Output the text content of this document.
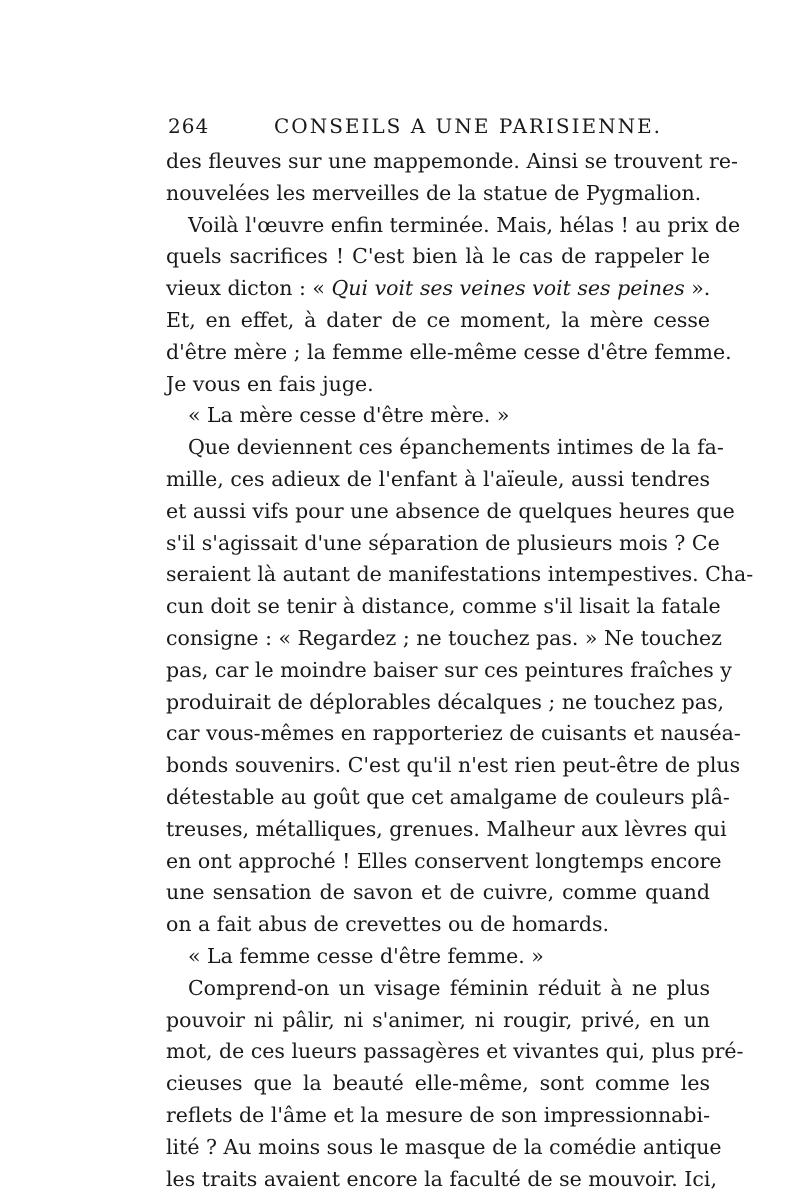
264	CONSEILS A UNE PARISIENNE.
des fleuves sur une mappemonde. Ainsi se trouvent re-
nouvelées les merveilles de la statue de Pygmalion.
Voilà l'œuvre enfin terminée. Mais, hélas ! au prix de
quels sacrifices ! C'est bien là le cas de rappeler le
vieux dicton : « Qui voit ses veines voit ses peines ».
Et, en effet, à dater de ce moment, la mère cesse
d'être mère ; la femme elle-même cesse d'être femme.
Je vous en fais juge.
« La mère cesse d'être mère. »
Que deviennent ces épanchements intimes de la fa-
mille, ces adieux de l'enfant à l'aïeule, aussi tendres
et aussi vifs pour une absence de quelques heures que
s'il s'agissait d'une séparation de plusieurs mois ? Ce
seraient là autant de manifestations intempestives. Cha-
cun doit se tenir à distance, comme s'il lisait la fatale
consigne : « Regardez ; ne touchez pas. » Ne touchez
pas, car le moindre baiser sur ces peintures fraîches y
produirait de déplorables décalques ; ne touchez pas,
car vous-mêmes en rapporteriez de cuisants et nauséa-
bonds souvenirs. C'est qu'il n'est rien peut-être de plus
détestable au goût que cet amalgame de couleurs plâ-
treuses, métalliques, grenues. Malheur aux lèvres qui
en ont approché ! Elles conservent longtemps encore
une sensation de savon et de cuivre, comme quand
on a fait abus de crevettes ou de homards.
« La femme cesse d'être femme. »
Comprend-on un visage féminin réduit à ne plus
pouvoir ni pâlir, ni s'animer, ni rougir, privé, en un
mot, de ces lueurs passagères et vivantes qui, plus pré-
cieuses que la beauté elle-même, sont comme les
reflets de l'âme et la mesure de son impressionnabi-
lité ? Au moins sous le masque de la comédie antique
les traits avaient encore la faculté de se mouvoir. Ici,
